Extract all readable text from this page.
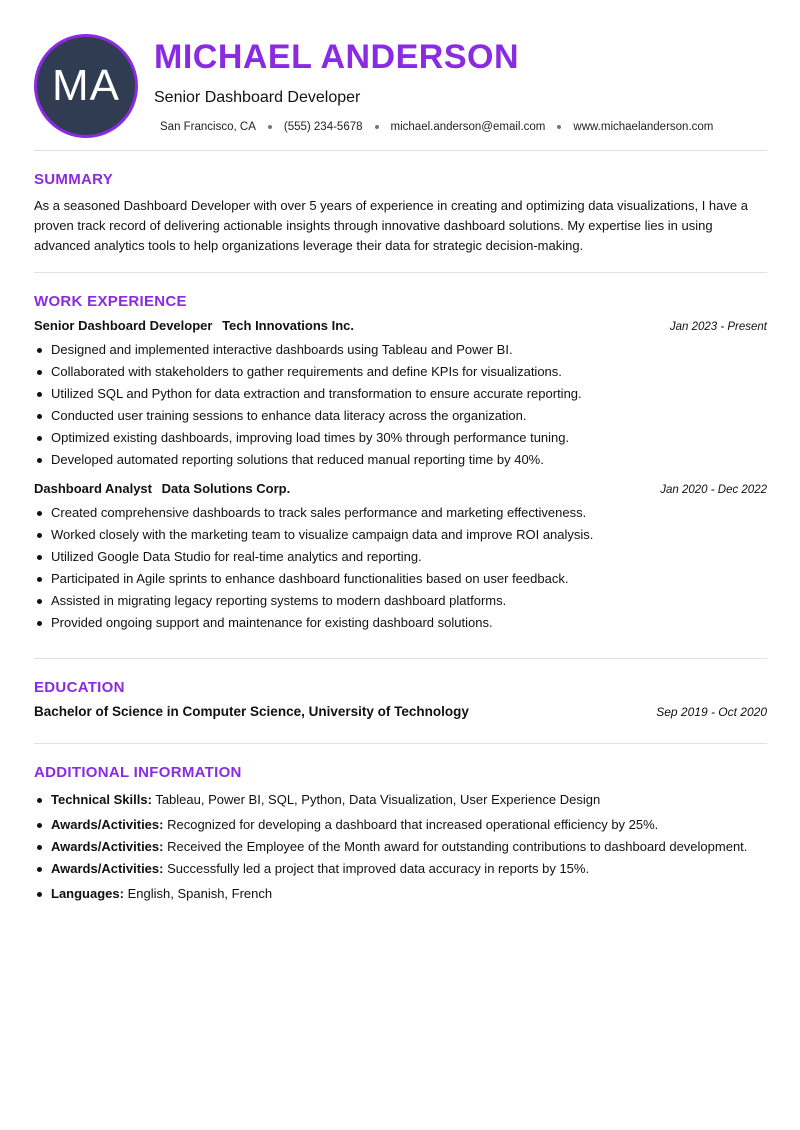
MA
MICHAEL ANDERSON
Senior Dashboard Developer
San Francisco, CA (555) 234-5678 michael.anderson@email.com www.michaelanderson.com
SUMMARY
As a seasoned Dashboard Developer with over 5 years of experience in creating and optimizing data visualizations, I have a proven track record of delivering actionable insights through innovative dashboard solutions. My expertise lies in using advanced analytics tools to help organizations leverage their data for strategic decision-making.
WORK EXPERIENCE
Senior Dashboard Developer Tech Innovations Inc.	Jan 2023 - Present
Designed and implemented interactive dashboards using Tableau and Power BI.
Collaborated with stakeholders to gather requirements and define KPIs for visualizations.
Utilized SQL and Python for data extraction and transformation to ensure accurate reporting.
Conducted user training sessions to enhance data literacy across the organization.
Optimized existing dashboards, improving load times by 30% through performance tuning.
Developed automated reporting solutions that reduced manual reporting time by 40%.
Dashboard Analyst Data Solutions Corp.	Jan 2020 - Dec 2022
Created comprehensive dashboards to track sales performance and marketing effectiveness.
Worked closely with the marketing team to visualize campaign data and improve ROI analysis.
Utilized Google Data Studio for real-time analytics and reporting.
Participated in Agile sprints to enhance dashboard functionalities based on user feedback.
Assisted in migrating legacy reporting systems to modern dashboard platforms.
Provided ongoing support and maintenance for existing dashboard solutions.
EDUCATION
Bachelor of Science in Computer Science, University of Technology	Sep 2019 - Oct 2020
ADDITIONAL INFORMATION
Technical Skills: Tableau, Power BI, SQL, Python, Data Visualization, User Experience Design
Awards/Activities: Recognized for developing a dashboard that increased operational efficiency by 25%.
Awards/Activities: Received the Employee of the Month award for outstanding contributions to dashboard development.
Awards/Activities: Successfully led a project that improved data accuracy in reports by 15%.
Languages: English, Spanish, French
